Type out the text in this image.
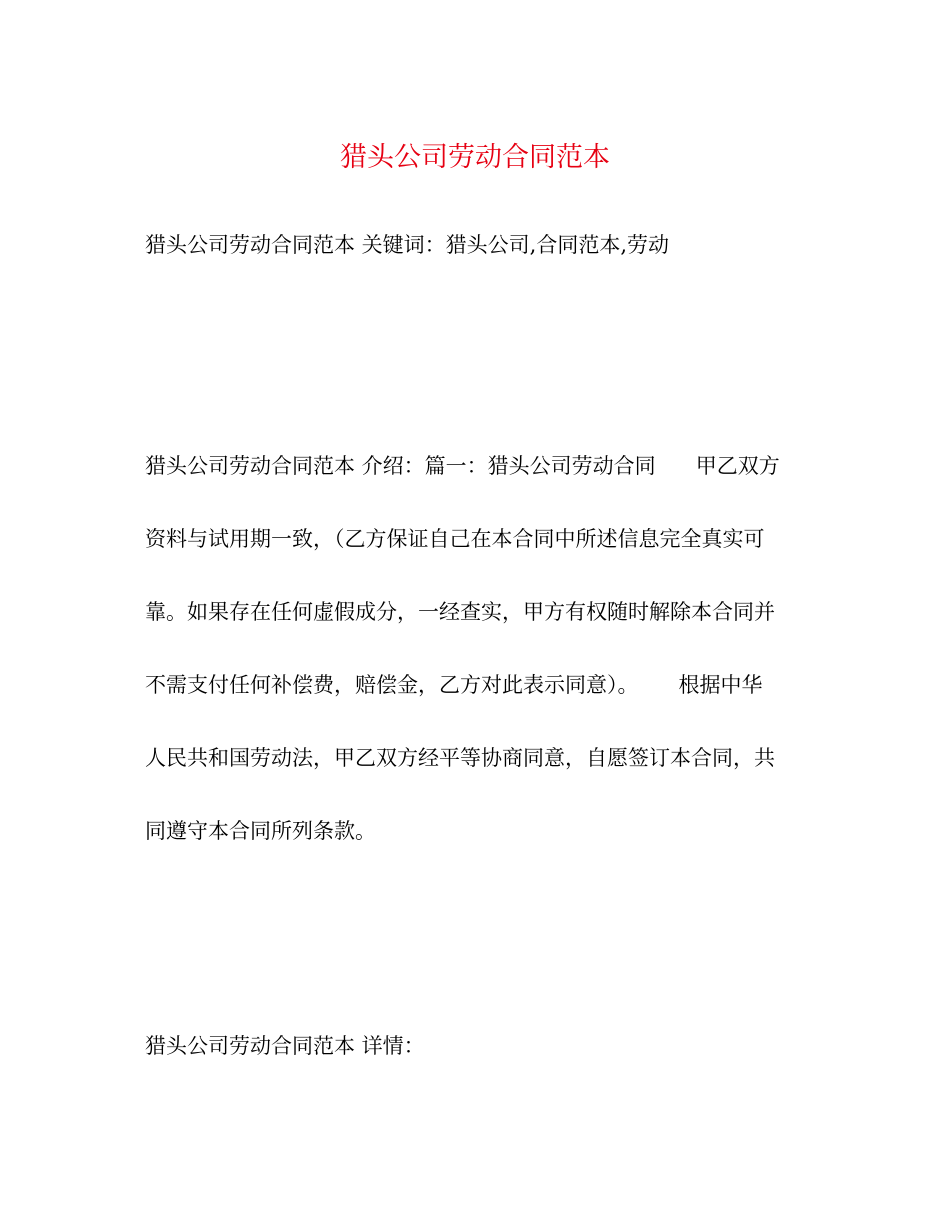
猎头公司劳动合同范本
猎头公司劳动合同范本 关键词：猎头公司,合同范本,劳动
猎头公司劳动合同范本 介绍：篇一：猎头公司劳动合同      甲乙双方
资料与试用期一致，（乙方保证自己在本合同中所述信息完全真实可
靠。如果存在任何虚假成分，一经查实，甲方有权随时解除本合同并
不需支付任何补偿费，赔偿金，乙方对此表示同意）。      根据中华
人民共和国劳动法，甲乙双方经平等协商同意，自愿签订本合同，共
同遵守本合同所列条款。
猎头公司劳动合同范本 详情：
